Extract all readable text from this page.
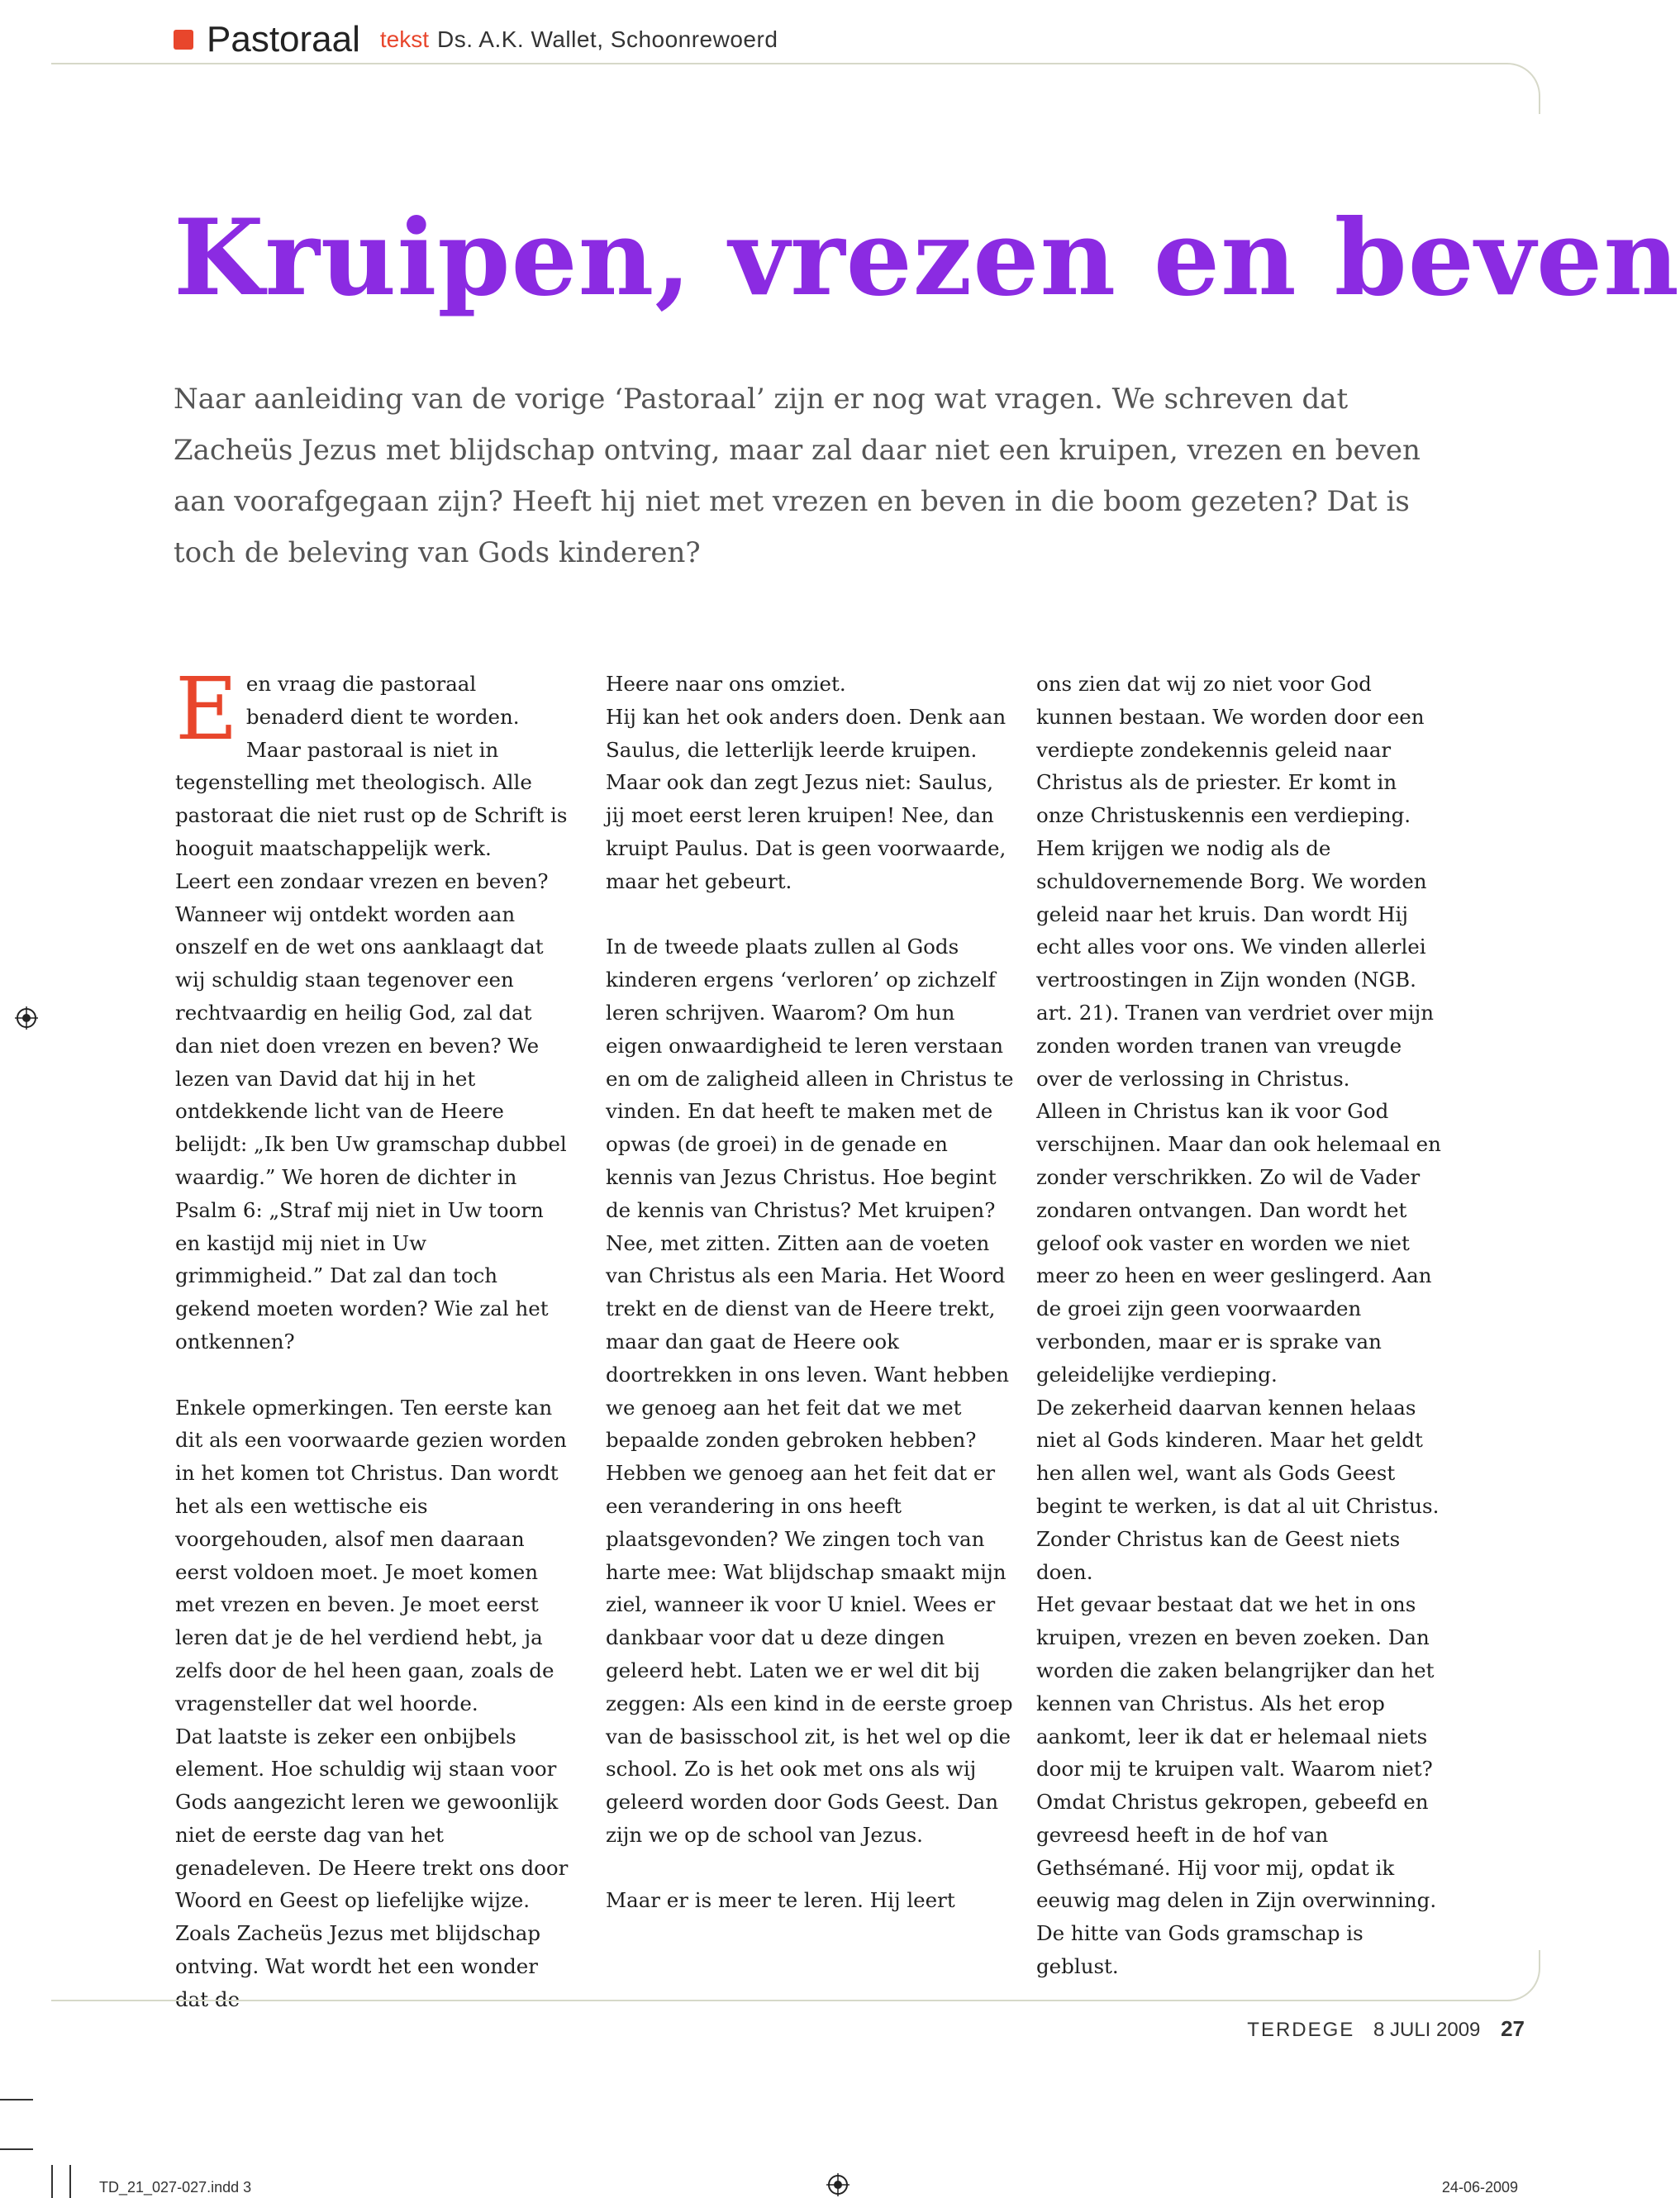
Pastoraal tekst Ds. A.K. Wallet, Schoonrewoerd
Kruipen, vrezen en beven

Naar aanleiding van de vorige ‘Pastoraal’ zijn er nog wat vragen. We schreven dat Zacheüs Jezus met blijdschap ontving, maar zal daar niet een kruipen, vrezen en beven aan voorafgegaan zijn? Heeft hij niet met vrezen en beven in die boom gezeten? Dat is toch de beleving van Gods kinderen?

Een vraag die pastoraal benaderd dient te worden. Maar pastoraal is niet in tegenstelling met theologisch. Alle pastoraat die niet rust op de Schrift is hooguit maatschappelijk werk.

Leert een zondaar vrezen en beven? Wanneer wij ontdekt worden aan onszelf en de wet ons aanklaagt dat wij schuldig staan tegenover een rechtvaardig en heilig God, zal dat dan niet doen vrezen en beven? We lezen van David dat hij in het ontdekkende licht van de Heere belijdt: „Ik ben Uw gramschap dubbel waardig.” We horen de dichter in Psalm 6: „Straf mij niet in Uw toorn en kastijd mij niet in Uw grimmigheid.” Dat zal dan toch gekend moeten worden? Wie zal het ontkennen?

Enkele opmerkingen. Ten eerste kan dit als een voorwaarde gezien worden in het komen tot Christus. Dan wordt het als een wettische eis voorgehouden, alsof men daaraan eerst voldoen moet. Je moet komen met vrezen en beven. Je moet eerst leren dat je de hel verdiend hebt, ja zelfs door de hel heen gaan, zoals de vragensteller dat wel hoorde.

Dat laatste is zeker een onbijbels element. Hoe schuldig wij staan voor Gods aangezicht leren we gewoonlijk niet de eerste dag van het genadeleven. De Heere trekt ons door Woord en Geest op liefelijke wijze. Zoals Zacheüs Jezus met blijdschap ontving. Wat wordt het een wonder dat de

Heere naar ons omziet.

Hij kan het ook anders doen. Denk aan Saulus, die letterlijk leerde kruipen. Maar ook dan zegt Jezus niet: Saulus, jij moet eerst leren kruipen! Nee, dan kruipt Paulus. Dat is geen voorwaarde, maar het gebeurt.

In de tweede plaats zullen al Gods kinderen ergens ‘verloren’ op zichzelf leren schrijven. Waarom? Om hun eigen onwaardigheid te leren verstaan en om de zaligheid alleen in Christus te vinden. En dat heeft te maken met de opwas (de groei) in de genade en kennis van Jezus Christus. Hoe begint de kennis van Christus? Met kruipen? Nee, met zitten. Zitten aan de voeten van Christus als een Maria. Het Woord trekt en de dienst van de Heere trekt, maar dan gaat de Heere ook doortrekken in ons leven. Want hebben we genoeg aan het feit dat we met bepaalde zonden gebroken hebben? Hebben we genoeg aan het feit dat er een verandering in ons heeft plaatsgevonden? We zingen toch van harte mee: Wat blijdschap smaakt mijn ziel, wanneer ik voor U kniel. Wees er dankbaar voor dat u deze dingen geleerd hebt. Laten we er wel dit bij zeggen: Als een kind in de eerste groep van de basisschool zit, is het wel op die school. Zo is het ook met ons als wij geleerd worden door Gods Geest. Dan zijn we op de school van Jezus.

Maar er is meer te leren. Hij leert

ons zien dat wij zo niet voor God kunnen bestaan. We worden door een verdiepte zondekennis geleid naar Christus als de priester. Er komt in onze Christuskennis een verdieping. Hem krijgen we nodig als de schuldovernemende Borg. We worden geleid naar het kruis. Dan wordt Hij echt alles voor ons. We vinden allerlei vertroostingen in Zijn wonden (NGB. art. 21). Tranen van verdriet over mijn zonden worden tranen van vreugde over de verlossing in Christus.

Alleen in Christus kan ik voor God verschijnen. Maar dan ook helemaal en zonder verschrikken. Zo wil de Vader zondaren ontvangen. Dan wordt het geloof ook vaster en worden we niet meer zo heen en weer geslingerd. Aan de groei zijn geen voorwaarden verbonden, maar er is sprake van geleidelijke verdieping.

De zekerheid daarvan kennen helaas niet al Gods kinderen. Maar het geldt hen allen wel, want als Gods Geest begint te werken, is dat al uit Christus. Zonder Christus kan de Geest niets doen.

Het gevaar bestaat dat we het in ons kruipen, vrezen en beven zoeken. Dan worden die zaken belangrijker dan het kennen van Christus. Als het erop aankomt, leer ik dat er helemaal niets door mij te kruipen valt. Waarom niet? Omdat Christus gekropen, gebeefd en gevreesd heeft in de hof van Gethsémané. Hij voor mij, opdat ik eeuwig mag delen in Zijn overwinning. De hitte van Gods gramschap is geblust.

TERDEGE 8 JULI 2009 27
TD_21_027-027.indd 3	24-06-2009
